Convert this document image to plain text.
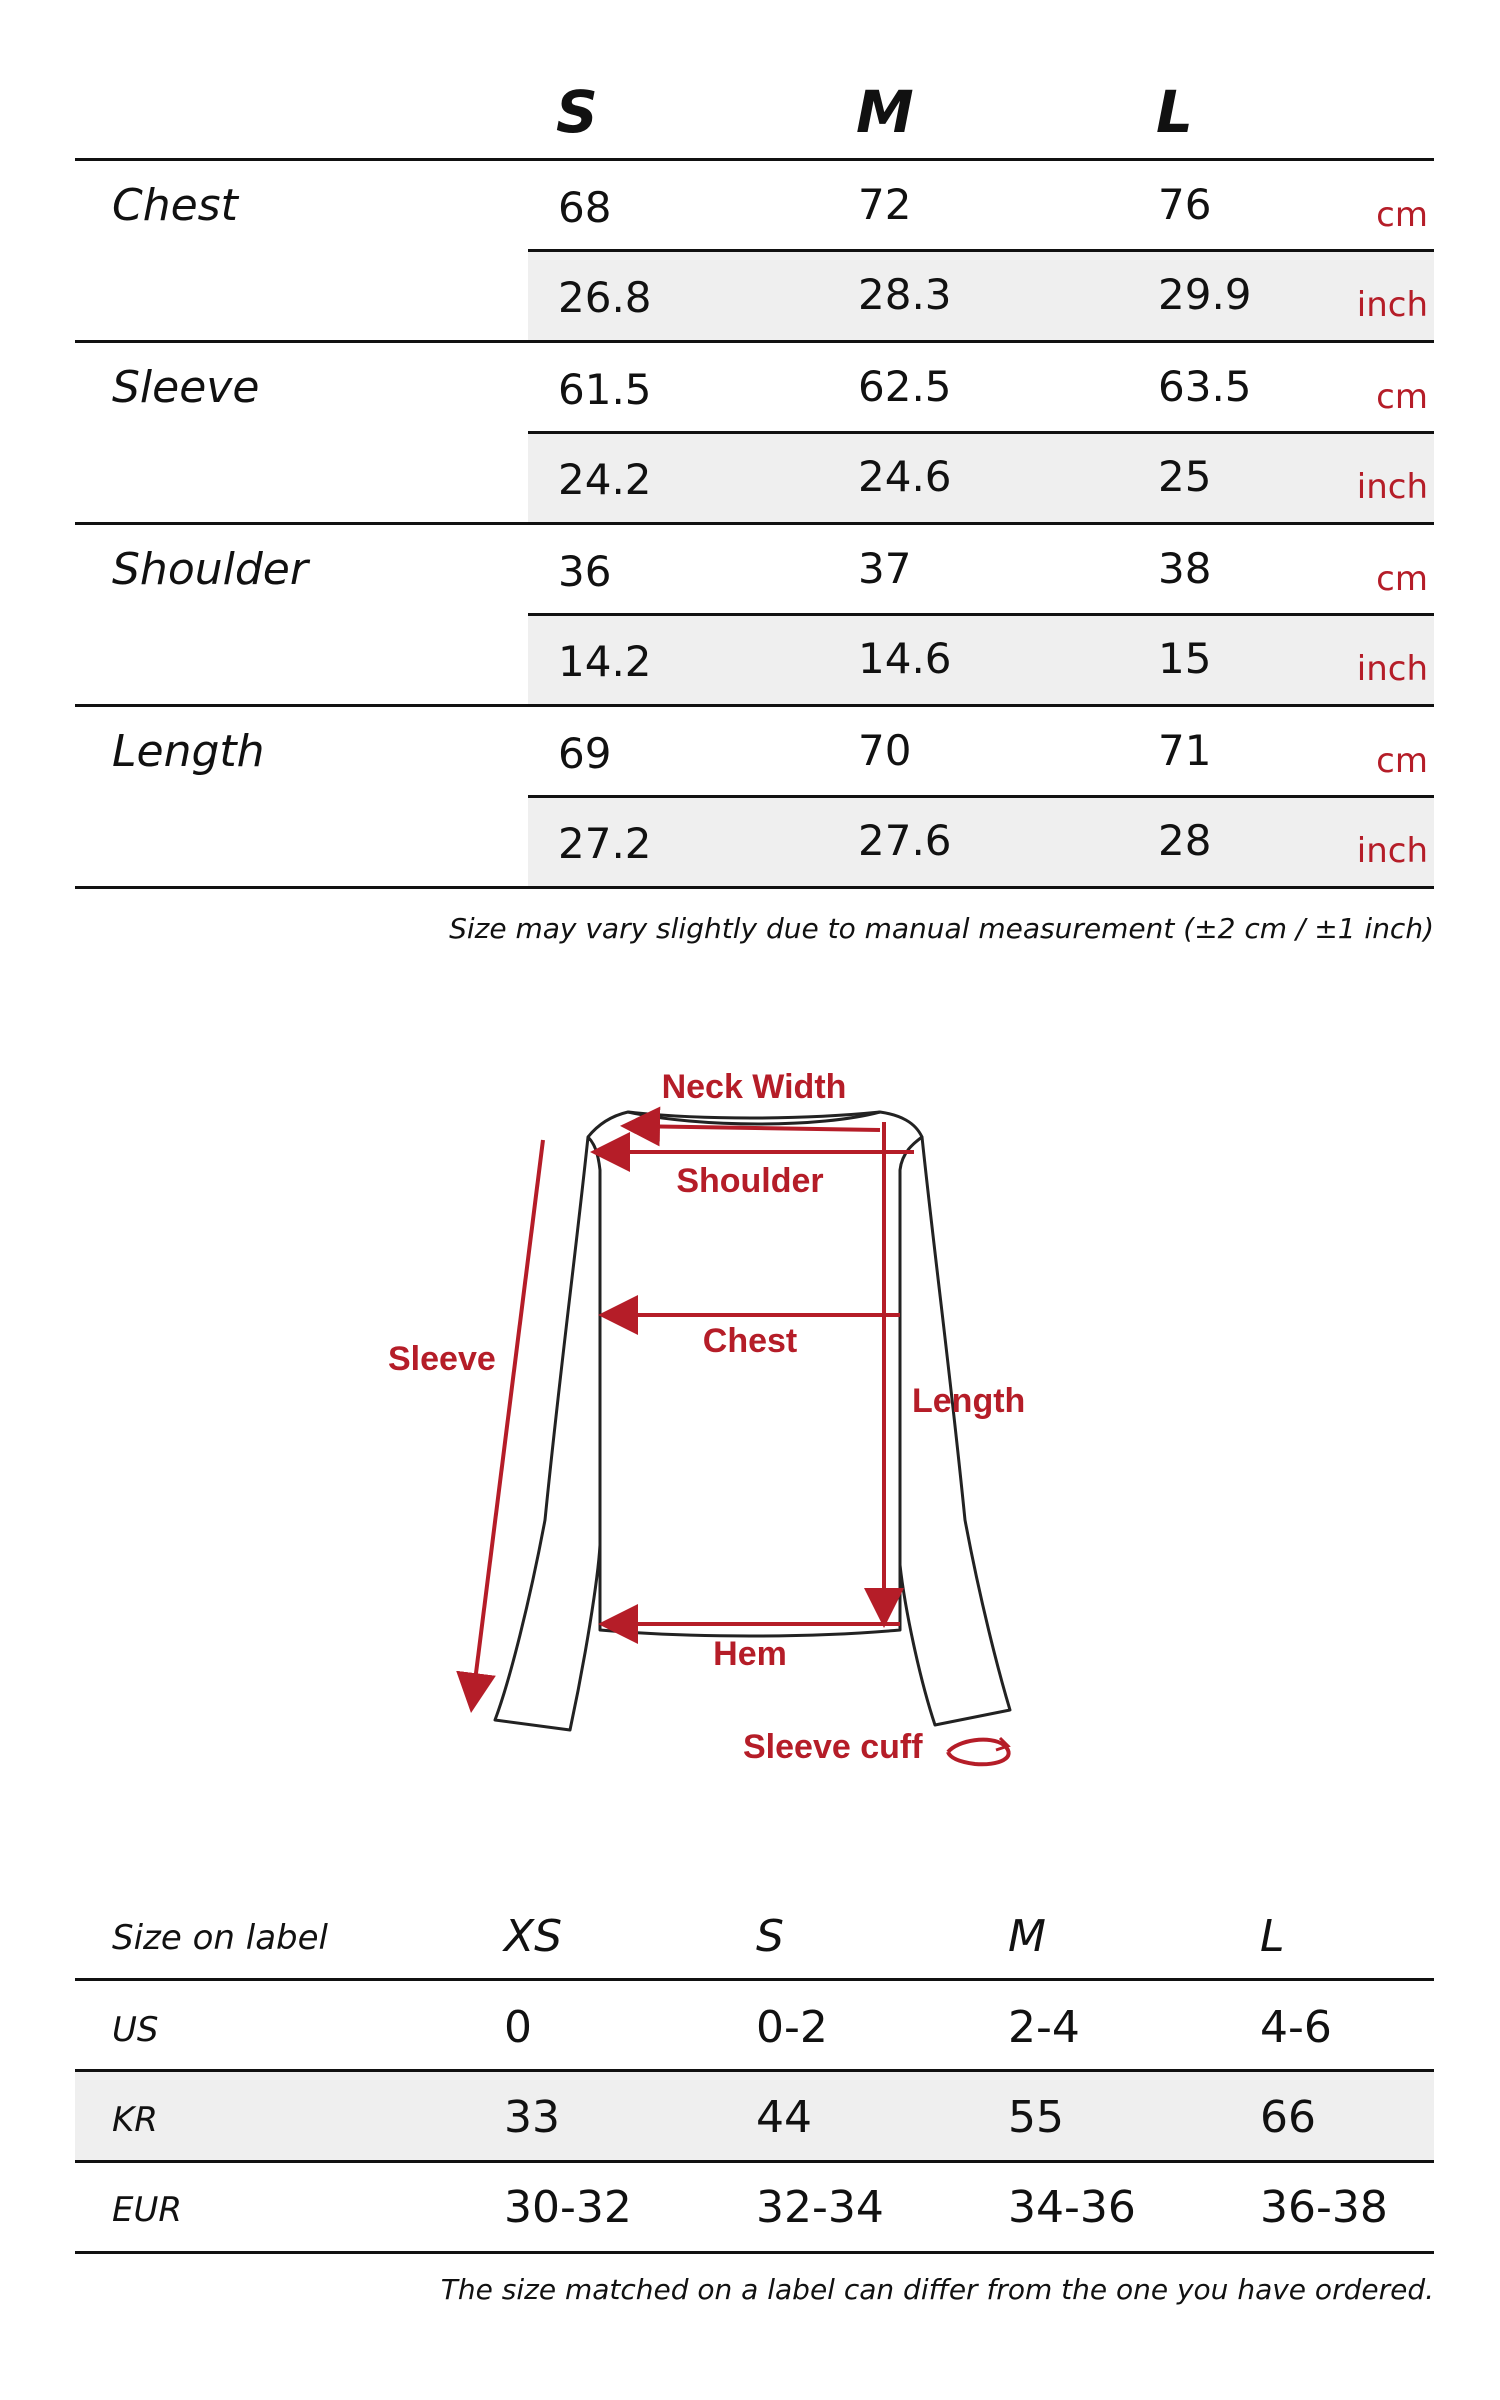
S	M	L
Chest	68	72	76	cm
26.8	28.3	29.9	inch
Sleeve	61.5	62.5	63.5	cm
24.2	24.6	25	inch
Shoulder	36	37	38	cm
14.2	14.6	15	inch
Length	69	70	71	cm
27.2	27.6	28	inch
Size may vary slightly due to manual measurement (±2 cm / ±1 inch)
Neck Width
Shoulder
Chest
Length
Sleeve
Hem
Sleeve cuff
Size on label	XS	S	M	L
US	0	0-2	2-4	4-6
KR	33	44	55	66
EUR	30-32	32-34	34-36	36-38
The size matched on a label can differ from the one you have ordered.
